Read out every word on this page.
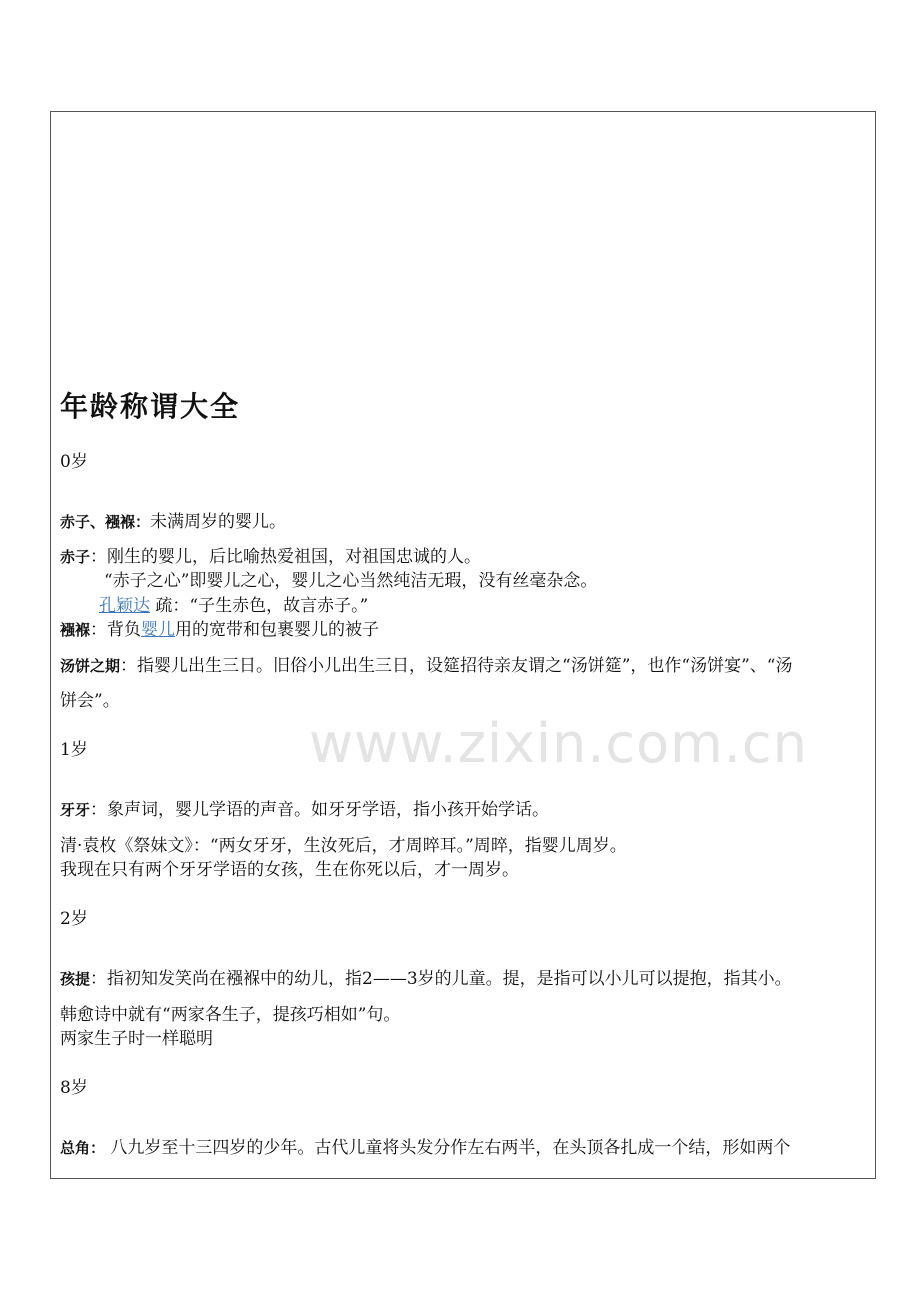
www.zixin.com.cn
年龄称谓大全
0岁
赤子、襁褓：未满周岁的婴儿。
赤子：刚生的婴儿，后比喻热爱祖国，对祖国忠诚的人。
“赤子之心”即婴儿之心，婴儿之心当然纯洁无瑕，没有丝毫杂念。
孔颖达 疏：“子生赤色，故言赤子。”
襁褓：背负婴儿用的宽带和包裹婴儿的被子
汤饼之期：指婴儿出生三日。旧俗小儿出生三日，设筵招待亲友谓之“汤饼筵”，也作“汤饼宴”、“汤
饼会”。
1岁
牙牙：象声词，婴儿学语的声音。如牙牙学语，指小孩开始学话。
清·袁枚《祭妹文》：“两女牙牙，生汝死后，才周晬耳。”周晬，指婴儿周岁。
我现在只有两个牙牙学语的女孩，生在你死以后，才一周岁。
2岁
孩提：指初知发笑尚在襁褓中的幼儿，指2——3岁的儿童。提，是指可以小儿可以提抱，指其小。
韩愈诗中就有“两家各生子，提孩巧相如”句。
两家生子时一样聪明
8岁
总角： 八九岁至十三四岁的少年。古代儿童将头发分作左右两半，在头顶各扎成一个结，形如两个
